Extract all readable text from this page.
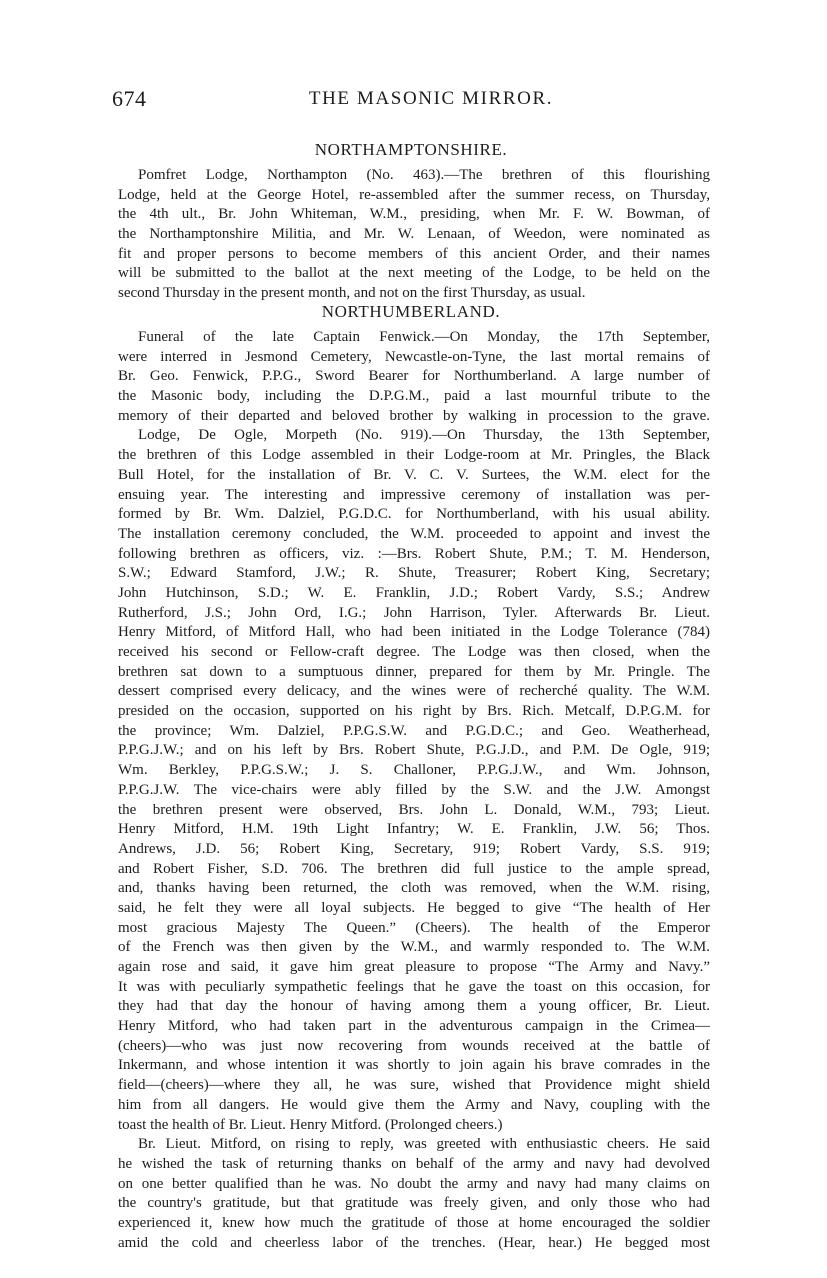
674	THE MASONIC MIRROR.
NORTHAMPTONSHIRE.
Pomfret Lodge, Northampton (No. 463).—The brethren of this flourishing
Lodge, held at the George Hotel, re-assembled after the summer recess, on Thursday,
the 4th ult., Br. John Whiteman, W.M., presiding, when Mr. F. W. Bowman, of
the Northamptonshire Militia, and Mr. W. Lenaan, of Weedon, were nominated as
fit and proper persons to become members of this ancient Order, and their names
will be submitted to the ballot at the next meeting of the Lodge, to be held on the
second Thursday in the present month, and not on the first Thursday, as usual.
NORTHUMBERLAND.
Funeral of the late Captain Fenwick.—On Monday, the 17th September,
were interred in Jesmond Cemetery, Newcastle-on-Tyne, the last mortal remains of
Br. Geo. Fenwick, P.P.G., Sword Bearer for Northumberland. A large number of
the Masonic body, including the D.P.G.M., paid a last mournful tribute to the
memory of their departed and beloved brother by walking in procession to the grave.
Lodge, De Ogle, Morpeth (No. 919).—On Thursday, the 13th September,
the brethren of this Lodge assembled in their Lodge-room at Mr. Pringles, the Black
Bull Hotel, for the installation of Br. V. C. V. Surtees, the W.M. elect for the
ensuing year. The interesting and impressive ceremony of installation was per-
formed by Br. Wm. Dalziel, P.G.D.C. for Northumberland, with his usual ability.
The installation ceremony concluded, the W.M. proceeded to appoint and invest the
following brethren as officers, viz. :—Brs. Robert Shute, P.M.; T. M. Henderson,
S.W.; Edward Stamford, J.W.; R. Shute, Treasurer; Robert King, Secretary;
John Hutchinson, S.D.; W. E. Franklin, J.D.; Robert Vardy, S.S.; Andrew
Rutherford, J.S.; John Ord, I.G.; John Harrison, Tyler. Afterwards Br. Lieut.
Henry Mitford, of Mitford Hall, who had been initiated in the Lodge Tolerance (784)
received his second or Fellow-craft degree. The Lodge was then closed, when the
brethren sat down to a sumptuous dinner, prepared for them by Mr. Pringle. The
dessert comprised every delicacy, and the wines were of recherché quality. The W.M.
presided on the occasion, supported on his right by Brs. Rich. Metcalf, D.P.G.M. for
the province; Wm. Dalziel, P.P.G.S.W. and P.G.D.C.; and Geo. Weatherhead,
P.P.G.J.W.; and on his left by Brs. Robert Shute, P.G.J.D., and P.M. De Ogle, 919;
Wm. Berkley, P.P.G.S.W.; J. S. Challoner, P.P.G.J.W., and Wm. Johnson,
P.P.G.J.W. The vice-chairs were ably filled by the S.W. and the J.W. Amongst
the brethren present were observed, Brs. John L. Donald, W.M., 793; Lieut.
Henry Mitford, H.M. 19th Light Infantry; W. E. Franklin, J.W. 56; Thos.
Andrews, J.D. 56; Robert King, Secretary, 919; Robert Vardy, S.S. 919;
and Robert Fisher, S.D. 706. The brethren did full justice to the ample spread,
and, thanks having been returned, the cloth was removed, when the W.M. rising,
said, he felt they were all loyal subjects. He begged to give “The health of Her
most gracious Majesty The Queen.” (Cheers). The health of the Emperor
of the French was then given by the W.M., and warmly responded to. The W.M.
again rose and said, it gave him great pleasure to propose “The Army and Navy.”
It was with peculiarly sympathetic feelings that he gave the toast on this occasion, for
they had that day the honour of having among them a young officer, Br. Lieut.
Henry Mitford, who had taken part in the adventurous campaign in the Crimea—
(cheers)—who was just now recovering from wounds received at the battle of
Inkermann, and whose intention it was shortly to join again his brave comrades in the
field—(cheers)—where they all, he was sure, wished that Providence might shield
him from all dangers. He would give them the Army and Navy, coupling with the
toast the health of Br. Lieut. Henry Mitford. (Prolonged cheers.)
Br. Lieut. Mitford, on rising to reply, was greeted with enthusiastic cheers. He said
he wished the task of returning thanks on behalf of the army and navy had devolved
on one better qualified than he was. No doubt the army and navy had many claims on
the country's gratitude, but that gratitude was freely given, and only those who had
experienced it, knew how much the gratitude of those at home encouraged the soldier
amid the cold and cheerless labor of the trenches. (Hear, hear.) He begged most
